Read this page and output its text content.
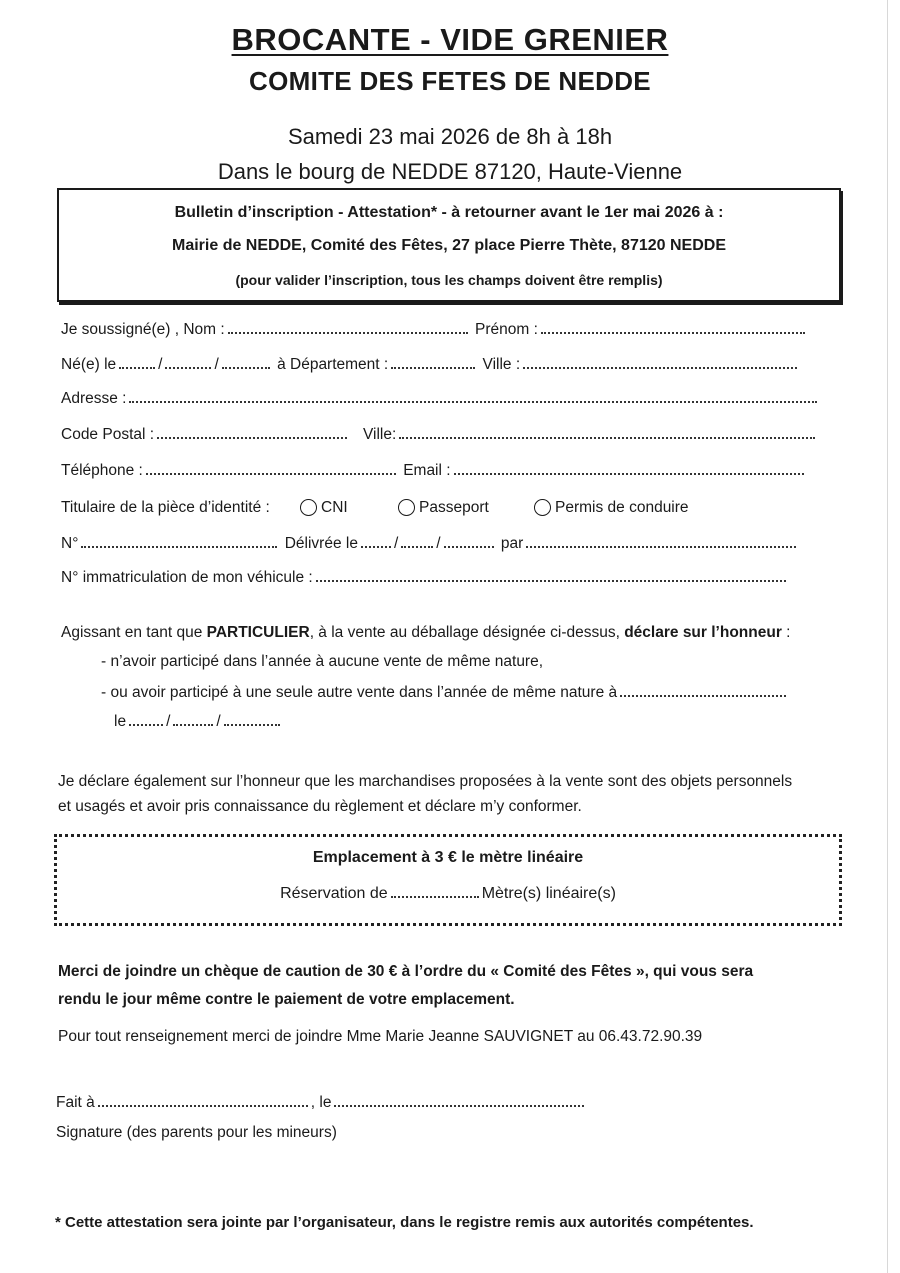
BROCANTE - VIDE GRENIER
COMITE DES FETES DE NEDDE
Samedi 23 mai 2026 de 8h à 18h
Dans le bourg de NEDDE 87120, Haute-Vienne
Bulletin d’inscription - Attestation* - à retourner avant le 1er mai 2026 à :
Mairie de NEDDE, Comité des Fêtes, 27 place Pierre Thète, 87120 NEDDE
(pour valider l’inscription, tous les champs doivent être remplis)
Je soussigné(e) , Nom :	Prénom :
Né(e) le	/	/	à Département :	Ville :
Adresse :
Code Postal :	Ville:
Téléphone :	Email :
Titulaire de la pièce d’identité :	CNI	Passeport	Permis de conduire
N°	Délivrée le / /	par
N° immatriculation de mon véhicule :
Agissant en tant que PARTICULIER, à la vente au déballage désignée ci-dessus, déclare sur l’honneur :
- n’avoir participé dans l’année à aucune vente de même nature,
- ou avoir participé à une seule autre vente dans l’année de même nature à
le	/	/
Je déclare également sur l’honneur que les marchandises proposées à la vente sont des objets personnels
et usagés et avoir pris connaissance du règlement et déclare m’y conformer.
Emplacement à 3 € le mètre linéaire
Réservation de	Mètre(s) linéaire(s)
Merci de joindre un chèque de caution de 30 € à l’ordre du « Comité des Fêtes », qui vous sera
rendu le jour même contre le paiement de votre emplacement.
Pour tout renseignement merci de joindre Mme Marie Jeanne SAUVIGNET au 06.43.72.90.39
Fait à	, le
Signature (des parents pour les mineurs)
* Cette attestation sera jointe par l’organisateur, dans le registre remis aux autorités compétentes.
